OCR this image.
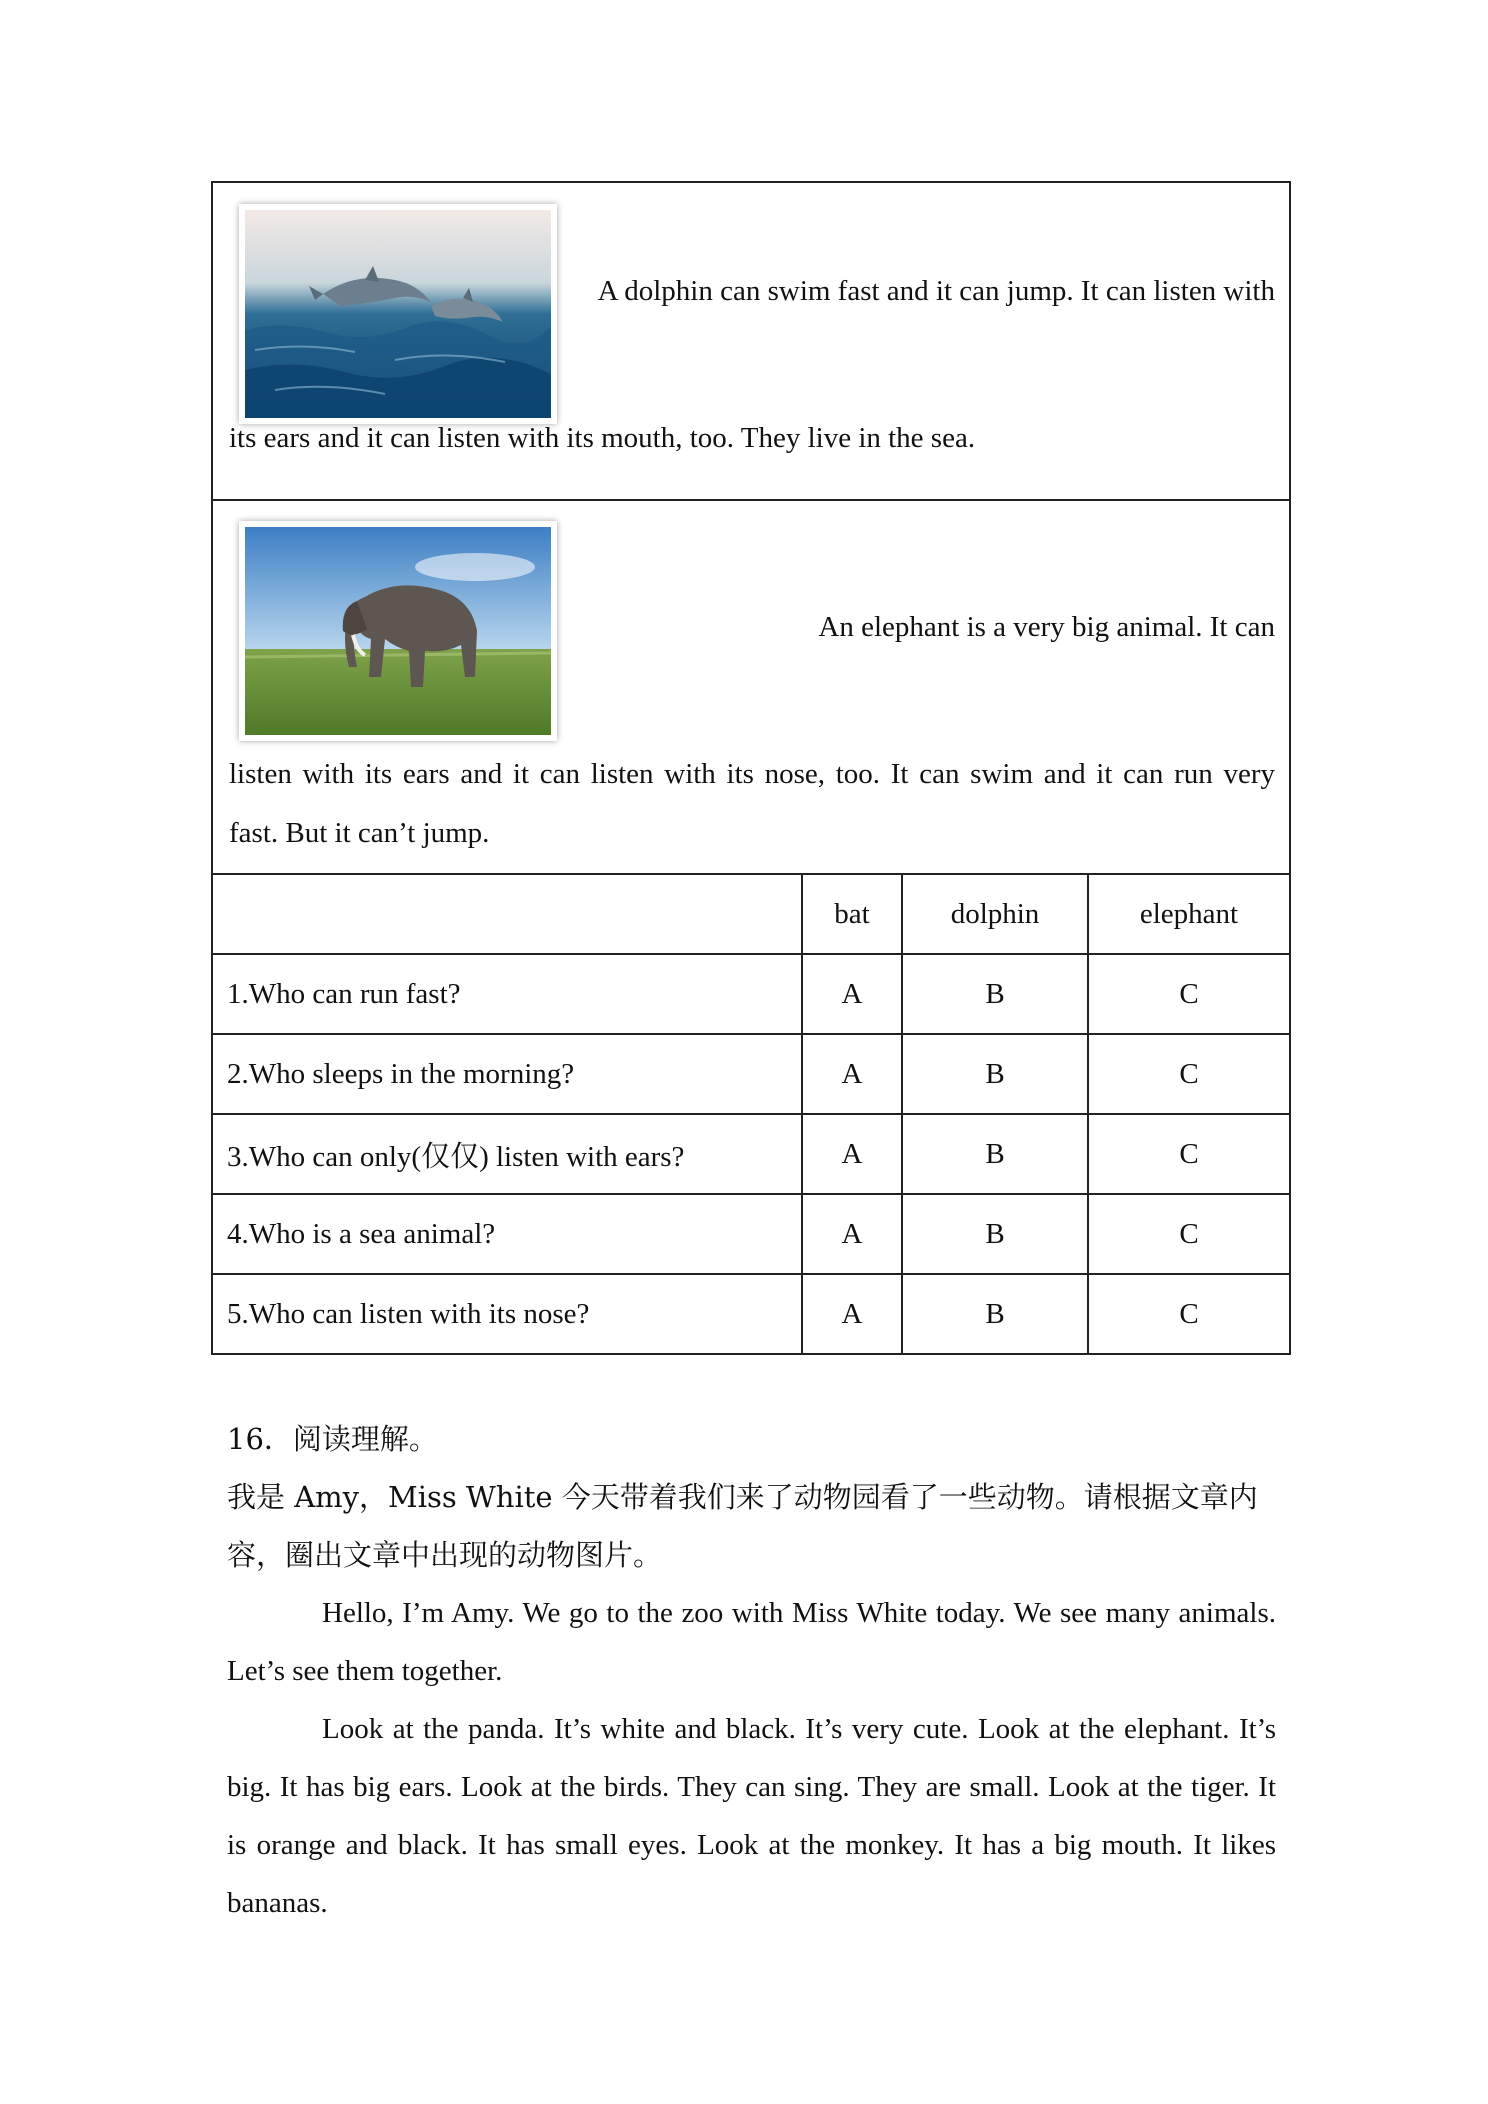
A dolphin can swim fast and it can jump. It can listen with
its ears and it can listen with its mouth, too. They live in the sea.			

An elephant is a very big animal. It can
listen with its ears and it can listen with its nose, too. It can swim and it can run very
fast. But it can’t jump.			

	bat	dolphin	elephant
1.Who can run fast?	A	B	C
2.Who sleeps in the morning?	A	B	C
3.Who can only(仅仅) listen with ears?	A	B	C
4.Who is a sea animal?	A	B	C
5.Who can listen with its nose?	A	B	C

16．阅读理解。

我是 Amy，Miss White 今天带着我们来了动物园看了一些动物。请根据文章内

容，圈出文章中出现的动物图片。

Hello, I’m Amy. We go to the zoo with Miss White today. We see many animals. Let’s see them together.

Look at the panda. It’s white and black. It’s very cute. Look at the elephant. It’s big. It has big ears. Look at the birds. They can sing. They are small. Look at the tiger. It is orange and black. It has small eyes. Look at the monkey. It has a big mouth. It likes bananas.
